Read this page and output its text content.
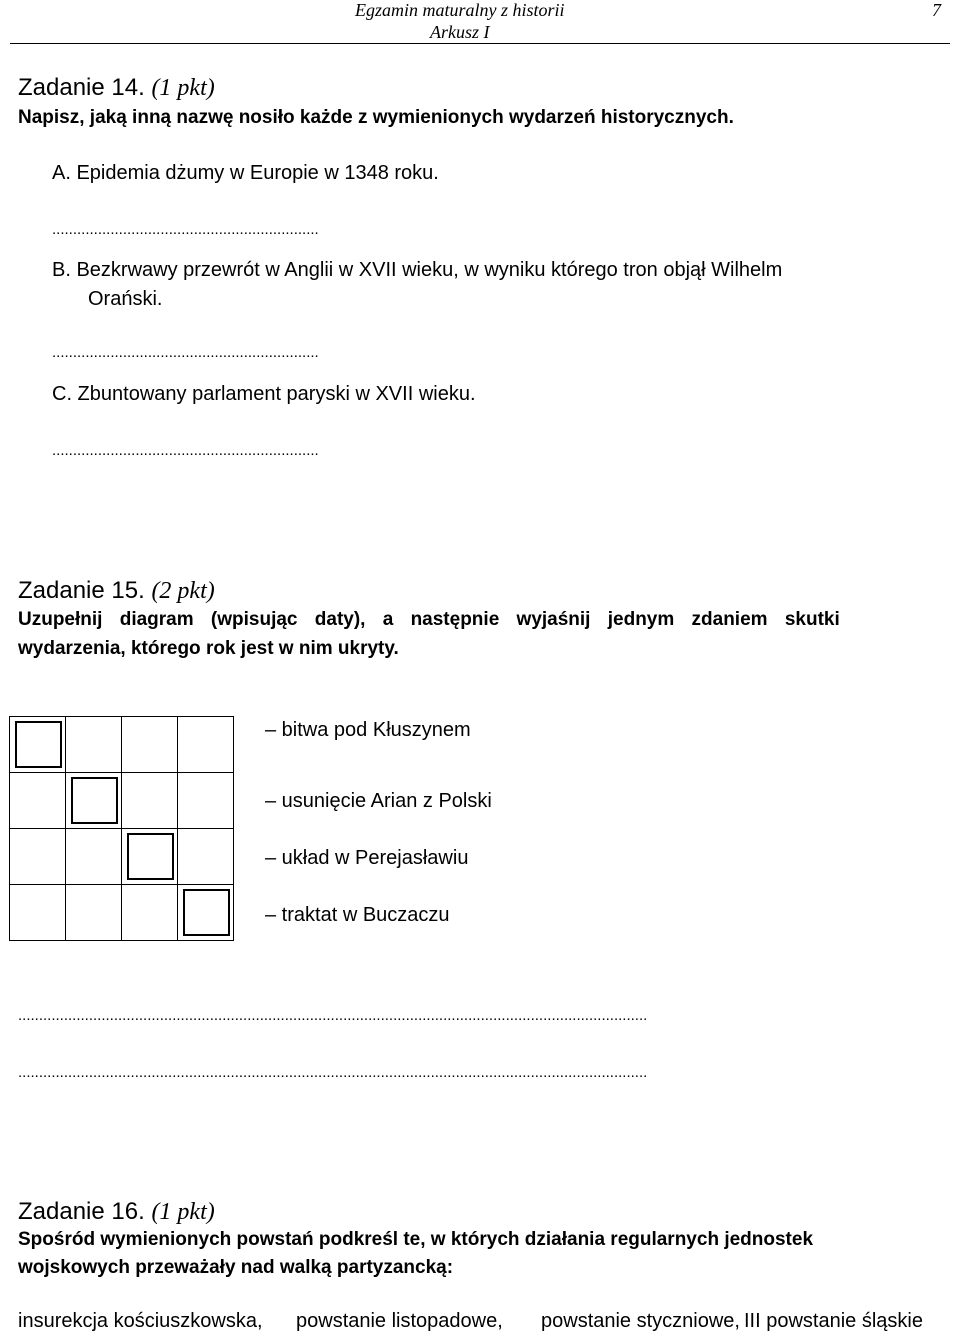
Egzamin maturalny z historii
Arkusz I
7
Zadanie 14. (1 pkt)
Napisz, jaką inną nazwę nosiło każde z wymienionych wydarzeń historycznych.
A. Epidemia dżumy w Europie w 1348 roku.
................................................................
B. Bezkrwawy przewrót w Anglii w XVII wieku, w wyniku którego tron objął Wilhelm
Orański.
................................................................
C. Zbuntowany parlament paryski w XVII wieku.
................................................................
Zadanie 15. (2 pkt)
Uzupełnij diagram (wpisując daty), a następnie wyjaśnij jednym zdaniem skutki
wydarzenia, którego rok jest w nim ukryty.

– bitwa pod Kłuszynem
– usunięcie Arian z Polski
– układ w Perejasławiu
– traktat w Buczaczu
.......................................................................................................................................................
.......................................................................................................................................................
Zadanie 16. (1 pkt)
Spośród wymienionych powstań podkreśl te, w których działania regularnych jednostek
wojskowych przeważały nad walką partyzancką:
insurekcja kościuszkowska, powstanie listopadowe, powstanie styczniowe, III powstanie śląskie
